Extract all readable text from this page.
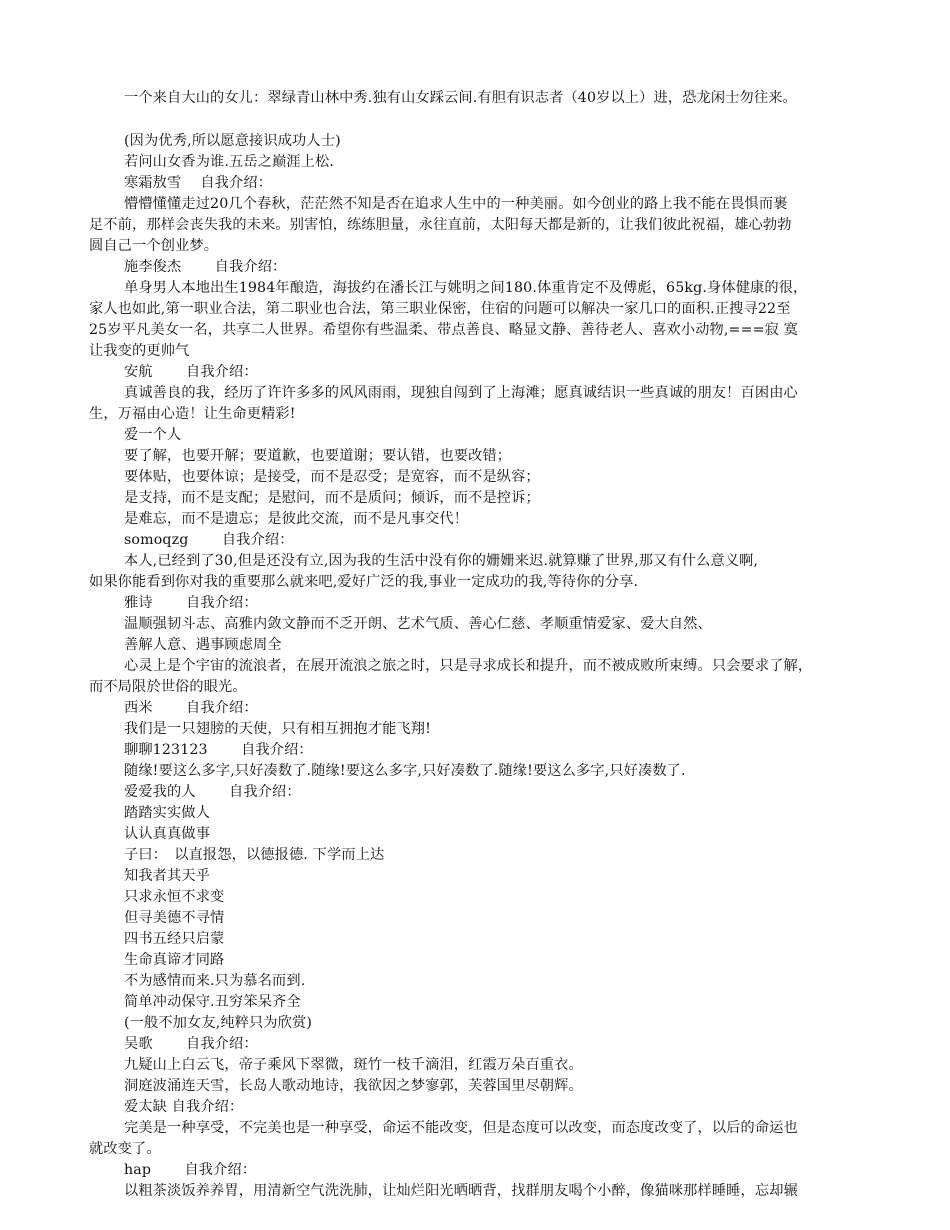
一个来自大山的女儿：翠绿青山林中秀.独有山女踩云间.有胆有识志者（40岁以上）进，恐龙闲士勿往来。
(因为优秀,所以愿意接识成功人士)
若问山女香为谁.五岳之巅涯上松.
寒霜敖雪　 自我介绍：
懵懵懂懂走过20几个春秋，茫茫然不知是否在追求人生中的一种美丽。如今创业的路上我不能在畏惧而裹
足不前，那样会丧失我的未来。别害怕，练练胆量，永往直前，太阳每天都是新的，让我们彼此祝福，雄心勃勃
圆自己一个创业梦。
施李俊杰　　 自我介绍：
单身男人本地出生1984年酿造，海拔约在潘长江与姚明之间180.体重肯定不及傅彪，65kg.身体健康的很，
家人也如此,第一职业合法，第二职业也合法，第三职业保密，住宿的问题可以解决一家几口的面积.正搜寻22至
25岁平凡美女一名，共享二人世界。希望你有些温柔、带点善良、略显文静、善待老人、喜欢小动物,===寂 寞
让我变的更帅气
安航　　 自我介绍：
真诚善良的我，经历了许许多多的风风雨雨，现独自闯到了上海滩；愿真诚结识一些真诚的朋友！百困由心
生，万福由心造！让生命更精彩!
爱一个人
要了解，也要开解；要道歉，也要道谢；要认错，也要改错；
要体贴，也要体谅；是接受，而不是忍受；是宽容，而不是纵容；
是支持，而不是支配；是慰问，而不是质问；倾诉，而不是控诉；
是难忘，而不是遗忘；是彼此交流，而不是凡事交代！
somoqzg　　 自我介绍：
本人,已经到了30,但是还没有立,因为我的生活中没有你的姗姗来迟.就算赚了世界,那又有什么意义啊,
如果你能看到你对我的重要那么就来吧,爱好广泛的我,事业一定成功的我,等待你的分享.
雅诗　　 自我介绍：
温顺强韧斗志、高雅内敛文静而不乏开朗、艺术气质、善心仁慈、孝顺重情爱家、爱大自然、
善解人意、遇事顾虑周全
心灵上是个宇宙的流浪者，在展开流浪之旅之时，只是寻求成长和提升，而不被成败所束缚。只会要求了解，
而不局限於世俗的眼光。
西米　　 自我介绍：
我们是一只翅膀的天使，只有相互拥抱才能飞翔!
聊聊123123　　 自我介绍：
随缘!要这么多字,只好凑数了.随缘!要这么多字,只好凑数了.随缘!要这么多字,只好凑数了.
爱爱我的人　　 自我介绍：
踏踏实实做人
认认真真做事
子曰：　以直报怨，以德报德. 下学而上达
知我者其天乎
只求永恒不求变
但寻美德不寻情
四书五经只启蒙
生命真谛才同路
不为感情而来.只为慕名而到.
简单冲动保守.丑穷笨呆齐全
(一般不加女友,纯粹只为欣赏)
吴歌　　 自我介绍：
九疑山上白云飞，帝子乘风下翠微，斑竹一枝千滴泪，红霞万朵百重衣。
洞庭波涌连天雪，长岛人歌动地诗，我欲因之梦寥郭，芙蓉国里尽朝辉。
爱太缺 自我介绍：
完美是一种享受，不完美也是一种享受，命运不能改变，但是态度可以改变，而态度改变了，以后的命运也
就改变了。
hap　　 自我介绍：
以粗茶淡饭养养胃，用清新空气洗洗肺，让灿烂阳光晒晒背，找群朋友喝个小醉，像猫咪那样睡睡，忘却辗
